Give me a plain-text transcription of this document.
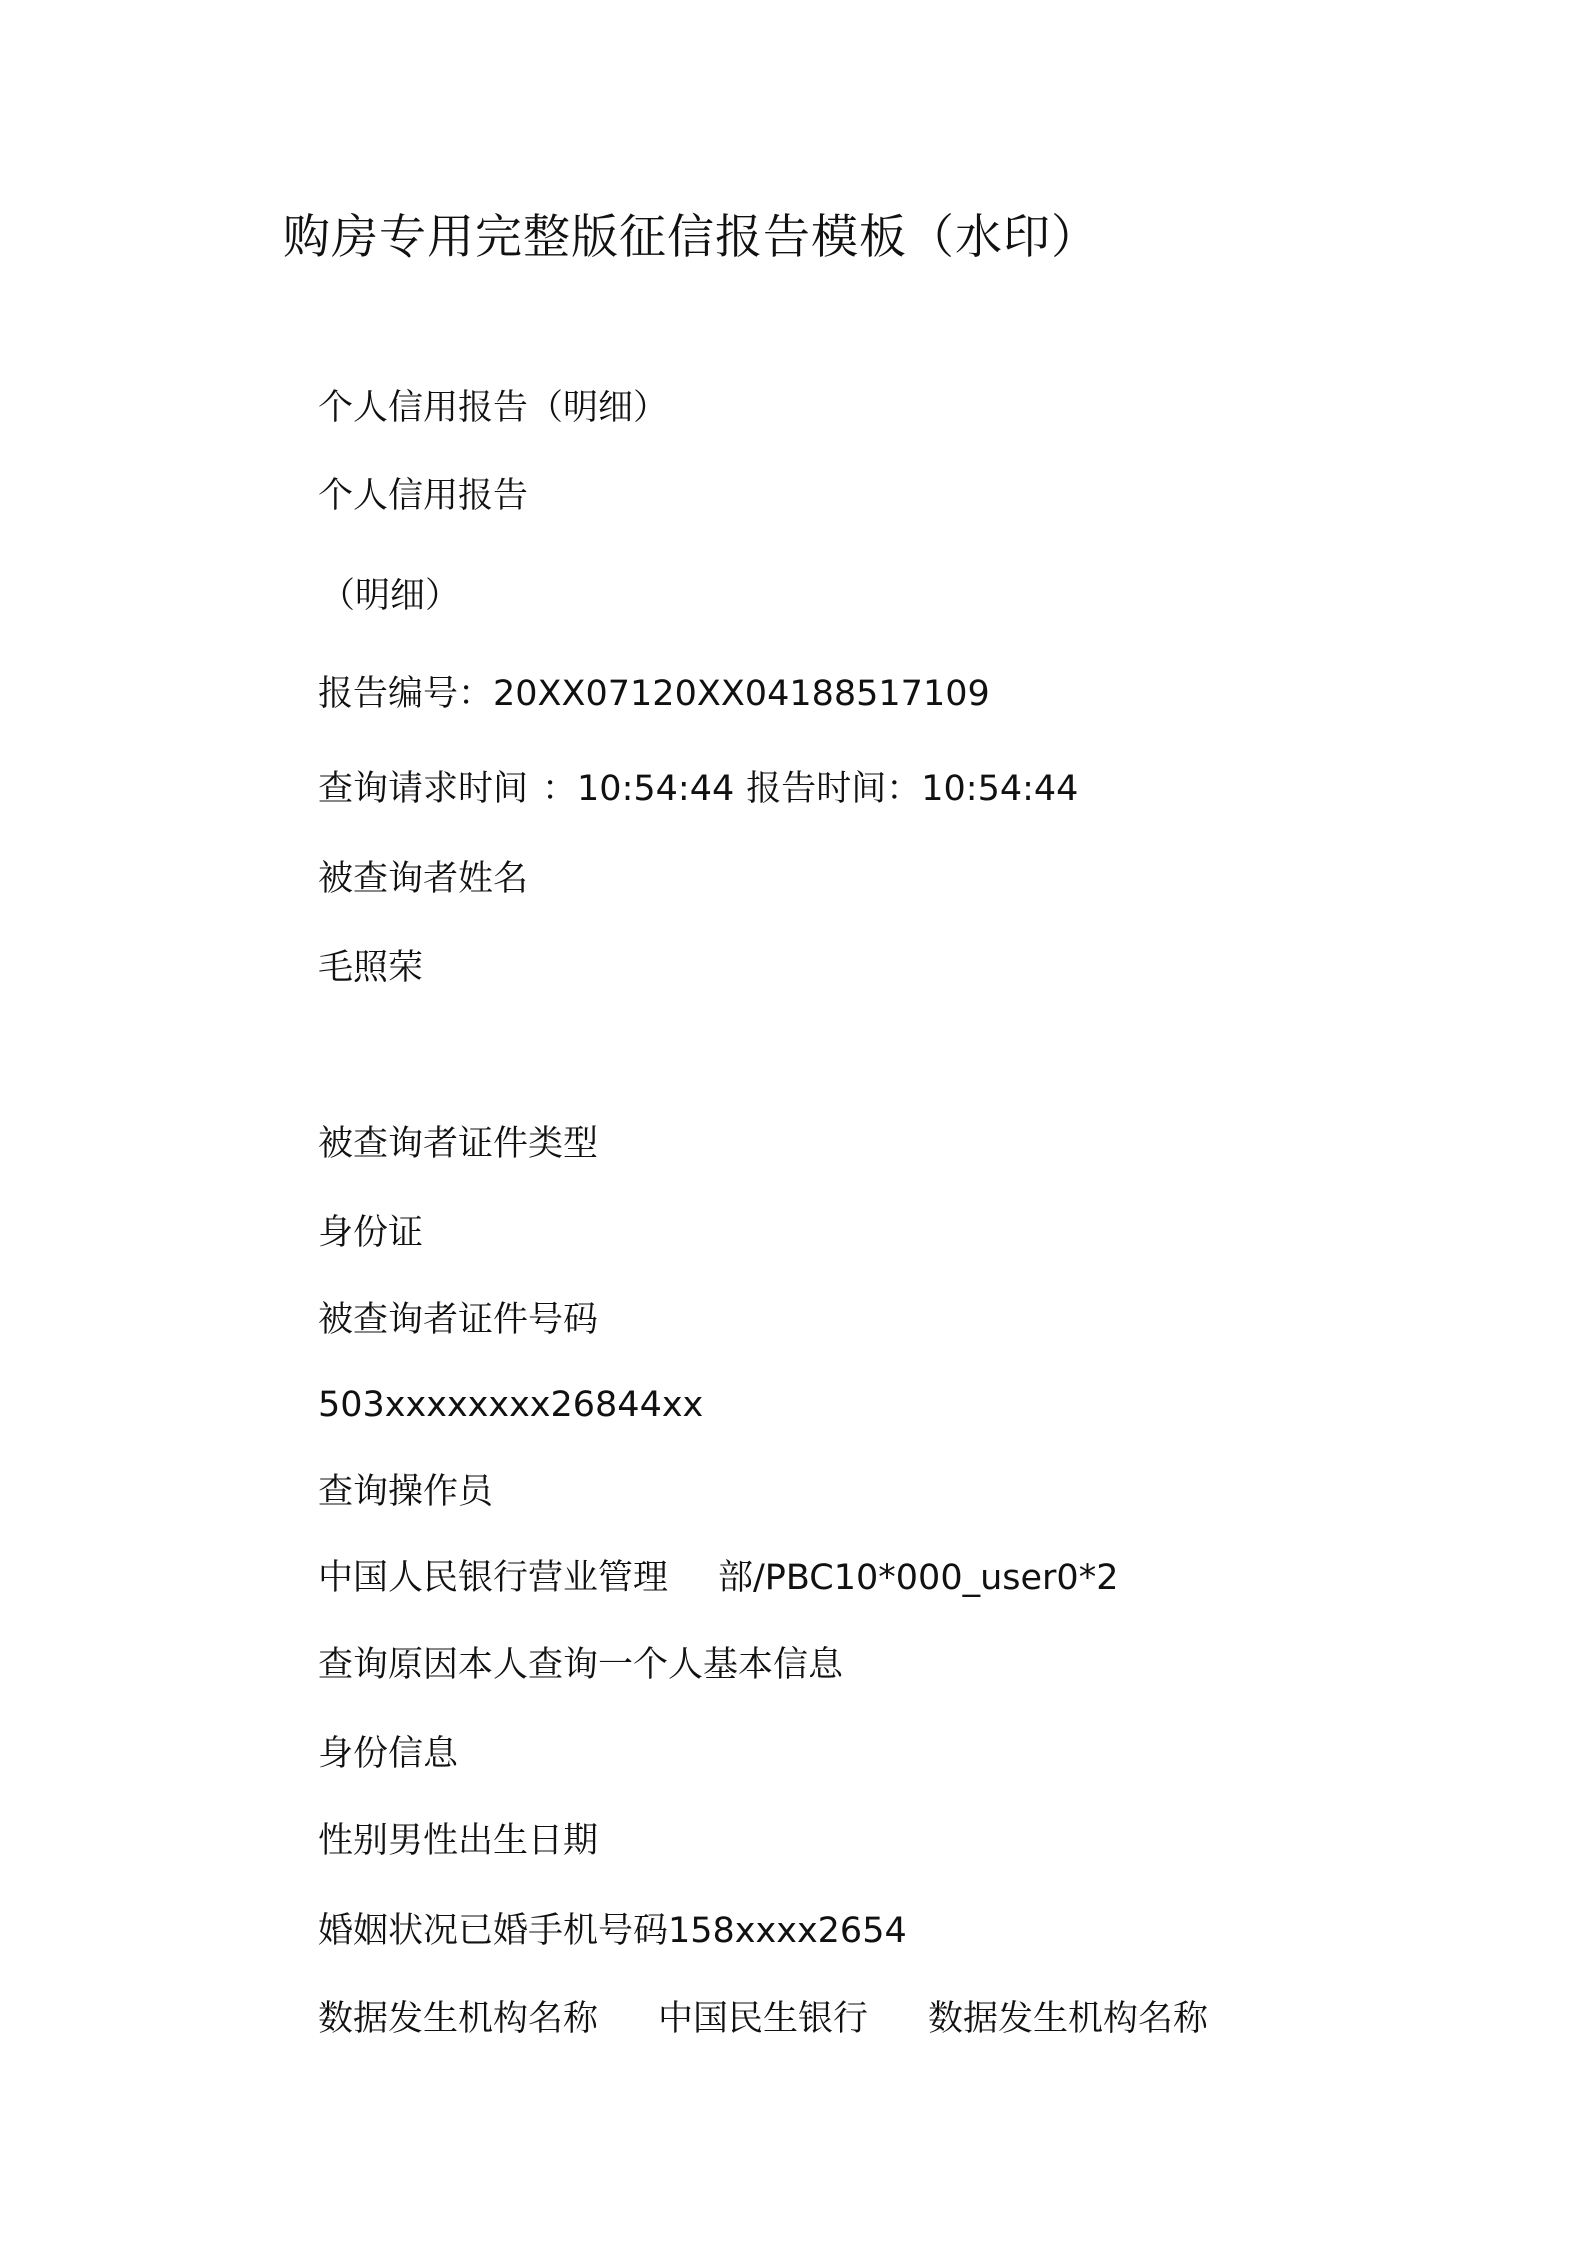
购房专用完整版征信报告模板（水印）
个人信用报告（明细）
个人信用报告
（明细）
报告编号：20XX07120XX04188517109
查询请求时间 ：10:54:44 报告时间：10:54:44
被查询者姓名
毛照荣
被查询者证件类型
身份证
被查询者证件号码
503xxxxxxxx26844xx
查询操作员
中国人民银行营业管理 部/PBC10*000_user0*2
查询原因本人查询一个人基本信息
身份信息
性别男性出生日期
婚姻状况已婚手机号码158xxxx2654
数据发生机构名称 中国民生银行 数据发生机构名称
